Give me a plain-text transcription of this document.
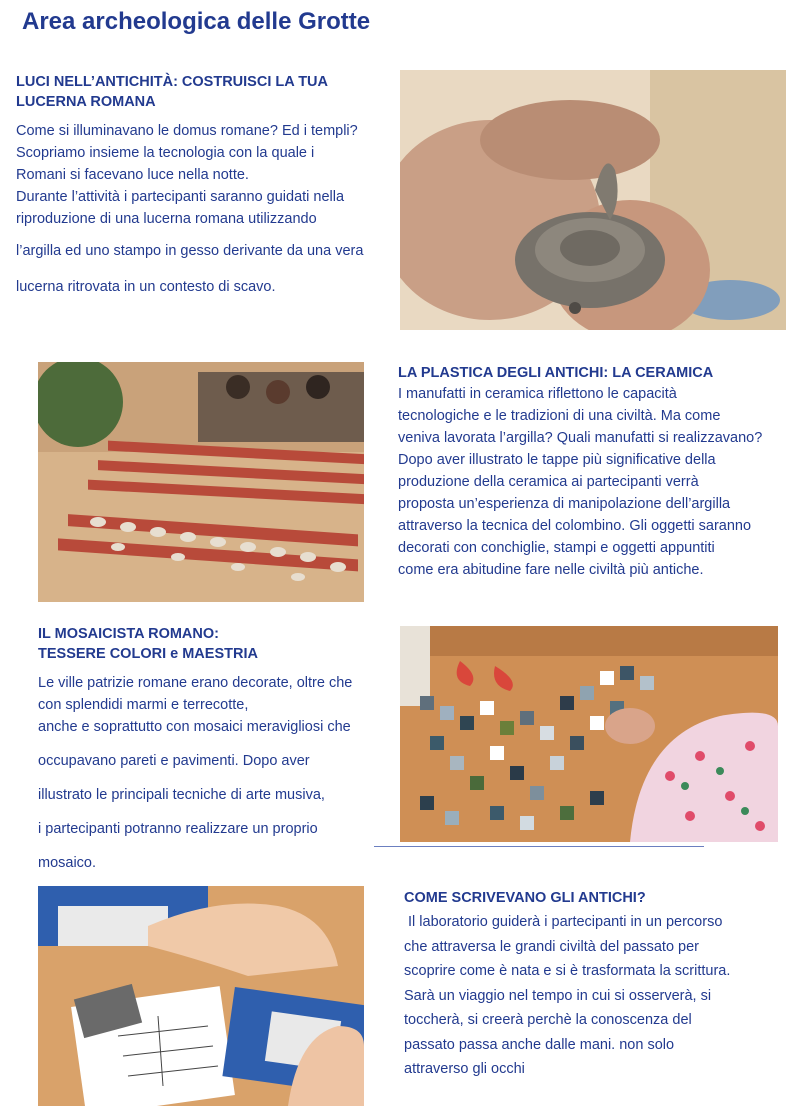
Area archeologica delle Grotte
LUCI NELL’ANTICHITÀ: COSTRUISCI LA TUA
LUCERNA ROMANA

Come si illuminavano le domus romane? Ed i templi?

Scopriamo insieme la tecnologia con la quale i

Romani si facevano luce nella notte.

Durante l’attività i partecipanti saranno guidati nella

riproduzione di una lucerna romana utilizzando

l’argilla ed uno stampo in gesso derivante da una vera

lucerna ritrovata in un contesto di scavo.

LA PLASTICA DEGLI ANTICHI: LA CERAMICA

I manufatti in ceramica riflettono le capacità

tecnologiche e le tradizioni di una civiltà. Ma come

veniva lavorata l’argilla? Quali manufatti si realizzavano?

Dopo aver illustrato le tappe più significative della

produzione della ceramica ai partecipanti verrà

proposta un’esperienza di manipolazione dell’argilla

attraverso la tecnica del colombino. Gli oggetti saranno

decorati con conchiglie, stampi e oggetti appuntiti

come era abitudine fare nelle civiltà più antiche.

IL MOSAICISTA ROMANO:
TESSERE COLORI e MAESTRIA

Le ville patrizie romane erano decorate, oltre che

con splendidi marmi e terrecotte,

anche e soprattutto con mosaici meravigliosi che

occupavano pareti e pavimenti. Dopo aver

illustrato le principali tecniche di arte musiva,

i partecipanti potranno realizzare un proprio

mosaico.

COME SCRIVEVANO GLI ANTICHI?

Il laboratorio guiderà i partecipanti in un percorso

che attraversa le grandi civiltà del passato per

scoprire come è nata e si è trasformata la scrittura.

Sarà un viaggio nel tempo in cui si osserverà, si

toccherà, si creerà perchè la conoscenza del

passato passa anche dalle mani. non solo

attraverso gli occhi
